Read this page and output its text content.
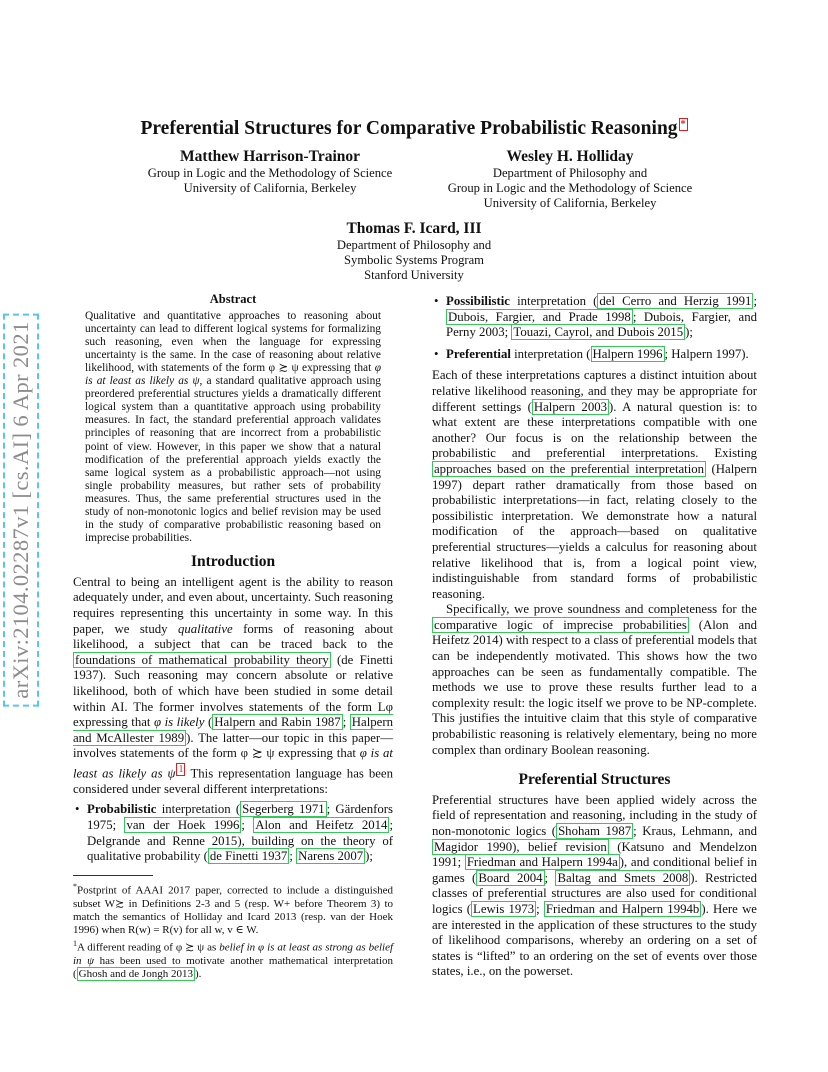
Preferential Structures for Comparative Probabilistic Reasoning *
Matthew Harrison-Trainor
Group in Logic and the Methodology of Science
University of California, Berkeley
Wesley H. Holliday
Department of Philosophy and
Group in Logic and the Methodology of Science
University of California, Berkeley
Thomas F. Icard, III
Department of Philosophy and
Symbolic Systems Program
Stanford University
arXiv:2104.02287v1 [cs.AI] 6 Apr 2021
Abstract
Qualitative and quantitative approaches to reasoning about uncertainty can lead to different logical systems for formalizing such reasoning, even when the language for expressing uncertainty is the same. In the case of reasoning about relative likelihood, with statements of the form φ ≿ ψ expressing that φ is at least as likely as ψ, a standard qualitative approach using preordered preferential structures yields a dramatically different logical system than a quantitative approach using probability measures. In fact, the standard preferential approach validates principles of reasoning that are incorrect from a probabilistic point of view. However, in this paper we show that a natural modification of the preferential approach yields exactly the same logical system as a probabilistic approach—not using single probability measures, but rather sets of probability measures. Thus, the same preferential structures used in the study of non-monotonic logics and belief revision may be used in the study of comparative probabilistic reasoning based on imprecise probabilities.
Introduction

Central to being an intelligent agent is the ability to reason adequately under, and even about, uncertainty. Such reasoning requires representing this uncertainty in some way. In this paper, we study qualitative forms of reasoning about likelihood, a subject that can be traced back to the foundations of mathematical probability theory (de Finetti 1937). Such reasoning may concern absolute or relative likelihood, both of which have been studied in some detail within AI. The former involves statements of the form Lφ expressing that φ is likely ( Halpern and Rabin 1987 ; Halpern and McAllester 1989 ). The latter—our topic in this paper—involves statements of the form φ ≿ ψ expressing that φ is at least as likely as ψ $^1$ This representation language has been considered under several different interpretations:

• Probabilistic interpretation ( Segerberg 1971 ; Gärdenfors 1975; van der Hoek 1996 ; Alon and Heifetz 2014 ; Delgrande and Renne 2015), building on the theory of qualitative probability ( de Finetti 1937 ; Narens 2007 );
*Postprint of AAAI 2017 paper, corrected to include a distinguished subset W≿ in Definitions 2-3 and 5 (resp. W+ before Theorem 3) to match the semantics of Holliday and Icard 2013 (resp. van der Hoek 1996) when R(w) = R(v) for all w, v ∈ W.
$^1$A different reading of φ ≿ ψ as belief in φ is at least as strong as belief in ψ has been used to motivate another mathematical interpretation ( Ghosh and de Jongh 2013 ).
• Possibilistic interpretation ( del Cerro and Herzig 1991 ; Dubois, Fargier, and Prade 1998 ; Dubois, Fargier, and Perny 2003; Touazi, Cayrol, and Dubois 2015 );
• Preferential interpretation ( Halpern 1996 ; Halpern 1997).

Each of these interpretations captures a distinct intuition about relative likelihood reasoning, and they may be appropriate for different settings ( Halpern 2003 ). A natural question is: to what extent are these interpretations compatible with one another? Our focus is on the relationship between the probabilistic and preferential interpretations. Existing approaches based on the preferential interpretation (Halpern 1997) depart rather dramatically from those based on probabilistic interpretations—in fact, relating closely to the possibilistic interpretation. We demonstrate how a natural modification of the approach—based on qualitative preferential structures—yields a calculus for reasoning about relative likelihood that is, from a logical point view, indistinguishable from standard forms of probabilistic reasoning.

Specifically, we prove soundness and completeness for the comparative logic of imprecise probabilities (Alon and Heifetz 2014) with respect to a class of preferential models that can be independently motivated. This shows how the two approaches can be seen as fundamentally compatible. The methods we use to prove these results further lead to a complexity result: the logic itself we prove to be NP-complete. This justifies the intuitive claim that this style of comparative probabilistic reasoning is relatively elementary, being no more complex than ordinary Boolean reasoning.

Preferential Structures

Preferential structures have been applied widely across the field of representation and reasoning, including in the study of non-monotonic logics ( Shoham 1987 ; Kraus, Lehmann, and Magidor 1990), belief revision (Katsuno and Mendelzon 1991; Friedman and Halpern 1994a ), and conditional belief in games ( Board 2004 ; Baltag and Smets 2008 ). Restricted classes of preferential structures are also used for conditional logics ( Lewis 1973 ; Friedman and Halpern 1994b ). Here we are interested in the application of these structures to the study of likelihood comparisons, whereby an ordering on a set of states is “lifted” to an ordering on the set of events over those states, i.e., on the powerset.
